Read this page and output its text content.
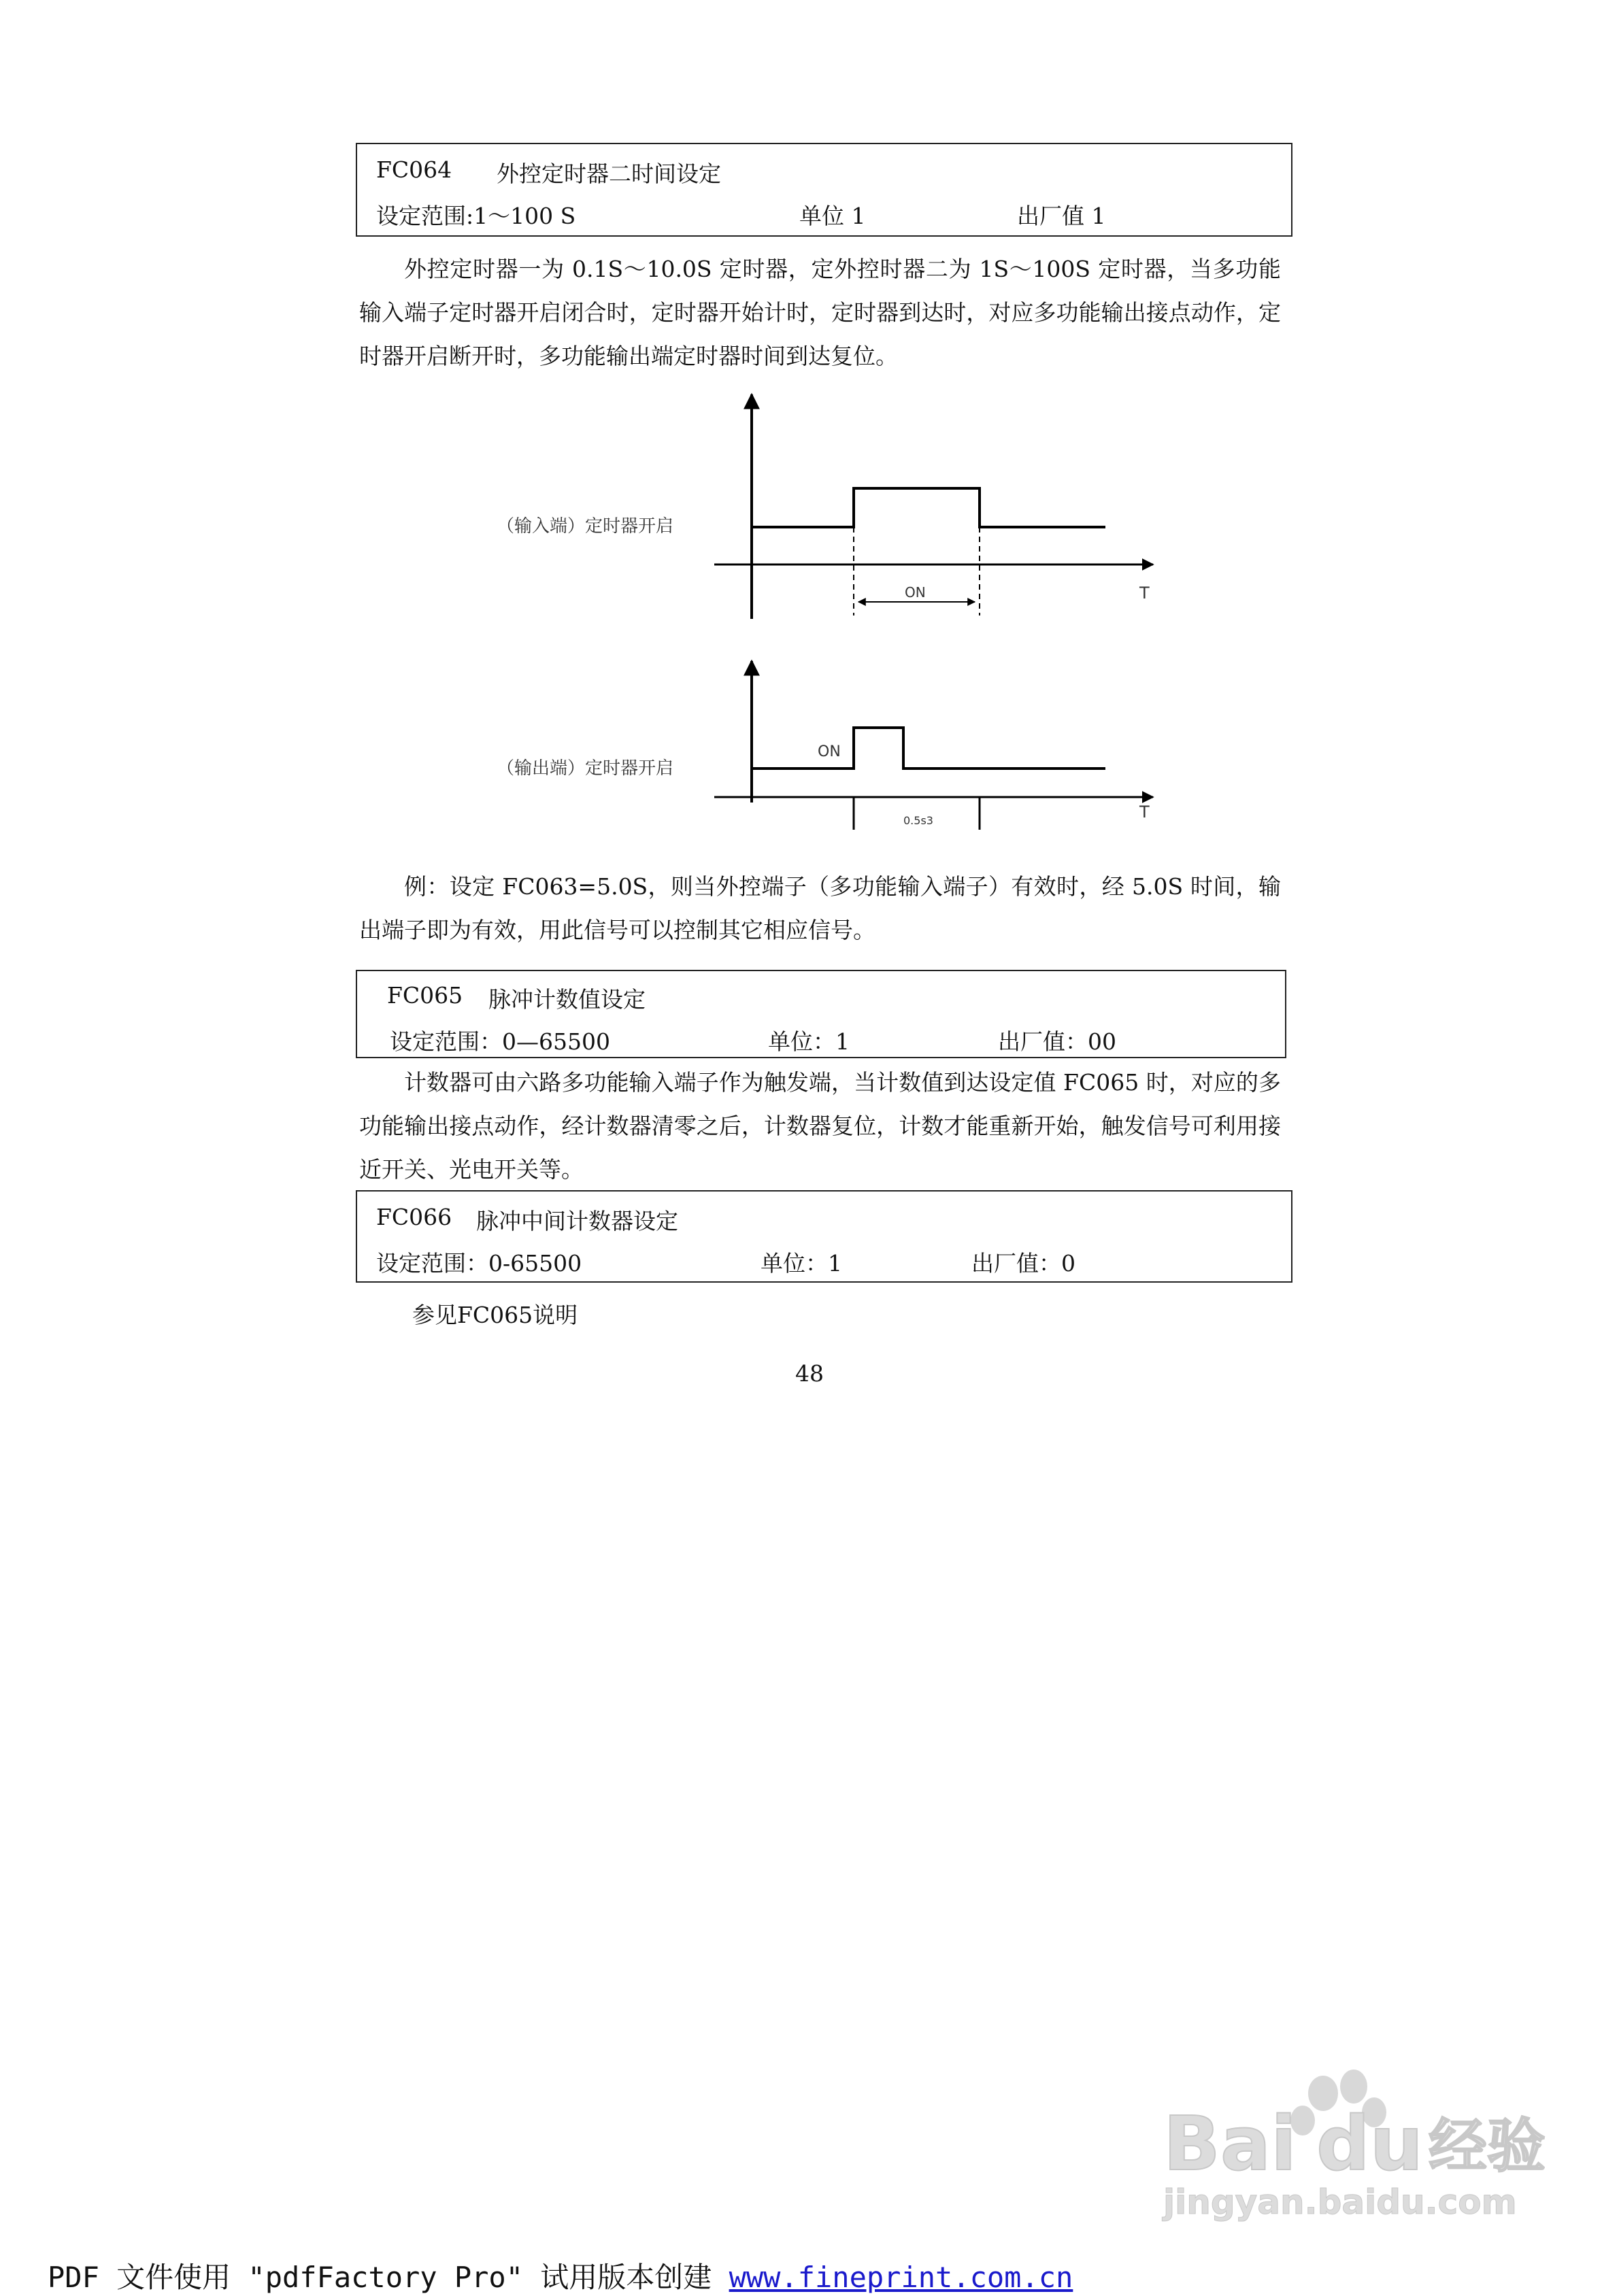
FC064 外控定时器二时间设定
设定范围:1～100 S	单位 1	出厂值 1
外控定时器一为 0.1S～10.0S 定时器，定外控时器二为 1S～100S 定时器，当多功能输入端子定时器开启闭合时，定时器开始计时，定时器到达时，对应多功能输出接点动作，定时器开启断开时，多功能输出端定时器时间到达复位。
ON	T
（输入端）定时器开启
ON
0.5s3	T
（输出端）定时器开启
例：设定 FC063=5.0S，则当外控端子（多功能输入端子）有效时，经 5.0S 时间，输出端子即为有效，用此信号可以控制其它相应信号。
FC065 脉冲计数值设定
设定范围：0—65500	单位：1	出厂值：00
计数器可由六路多功能输入端子作为触发端，当计数值到达设定值 FC065 时，对应的多功能输出接点动作，经计数器清零之后，计数器复位，计数才能重新开始，触发信号可利用接近开关、光电开关等。
FC066 脉冲中间计数器设定
设定范围：0-65500	单位：1	出厂值：0
参见FC065说明
48
Bai du 经验
jingyan.baidu.com
PDF 文件使用 "pdfFactory Pro" 试用版本创建 www.fineprint.com.cn
